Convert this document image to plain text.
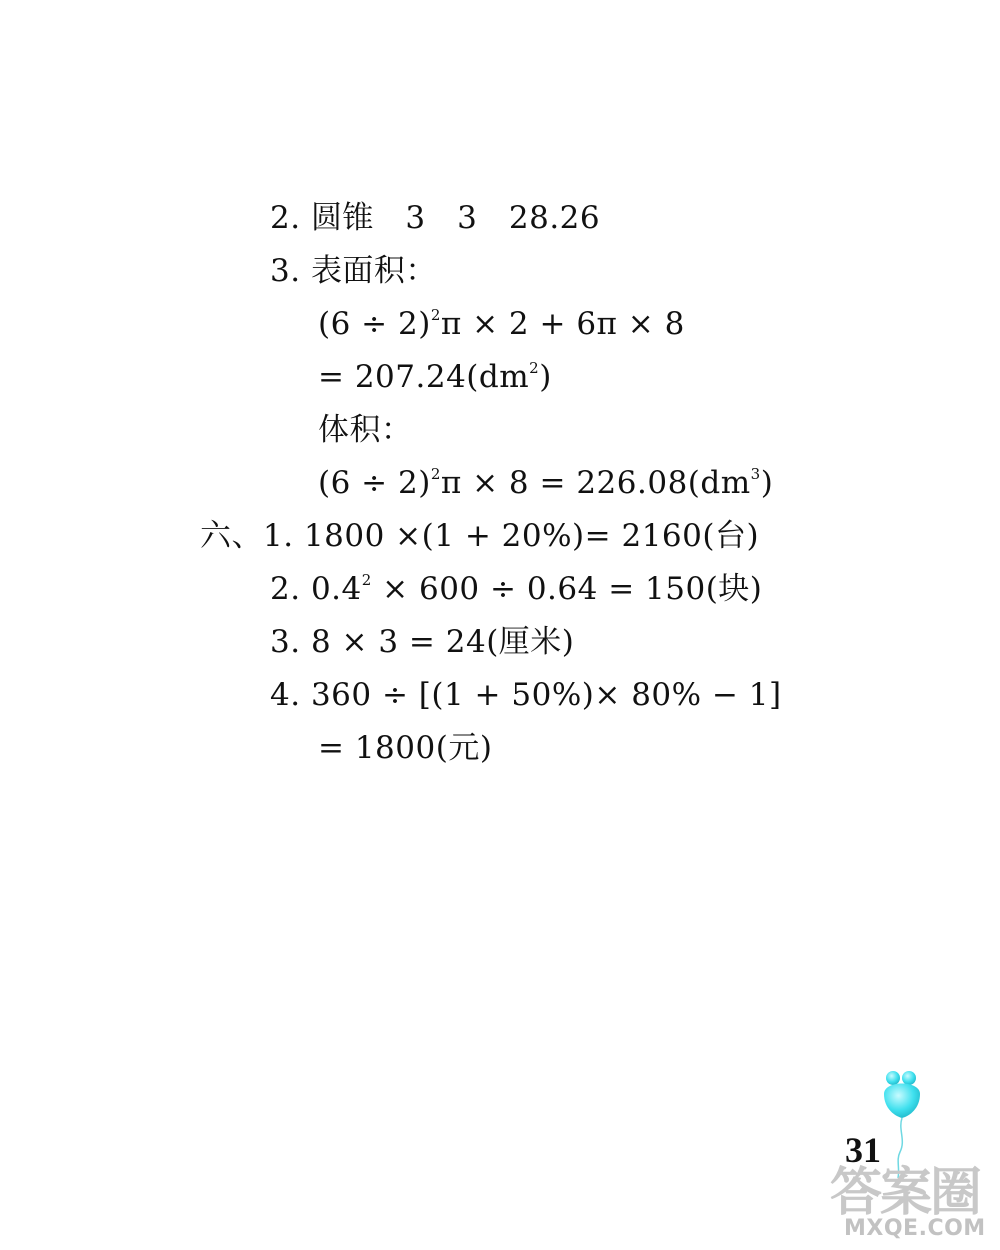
2. 圆锥　3　3　28.26
3. 表面积：
$(6 \div 2)^2\pi \times 2 + 6\pi \times 8$
= $207.24(dm^2)$
体积：
$(6 \div 2)^2\pi \times 8 = 226.08(dm^3)$
六、1. 1800 ×(1 + 20%)= 2160(台)
2. $0.4^2 \times 600 \div 0.64 = 150$(块)
3. 8 × 3 = 24(厘米)
4. 360 ÷ [(1 + 50%)× 80% − 1]
= 1800(元)
31
答案圈
MXQE.COM
